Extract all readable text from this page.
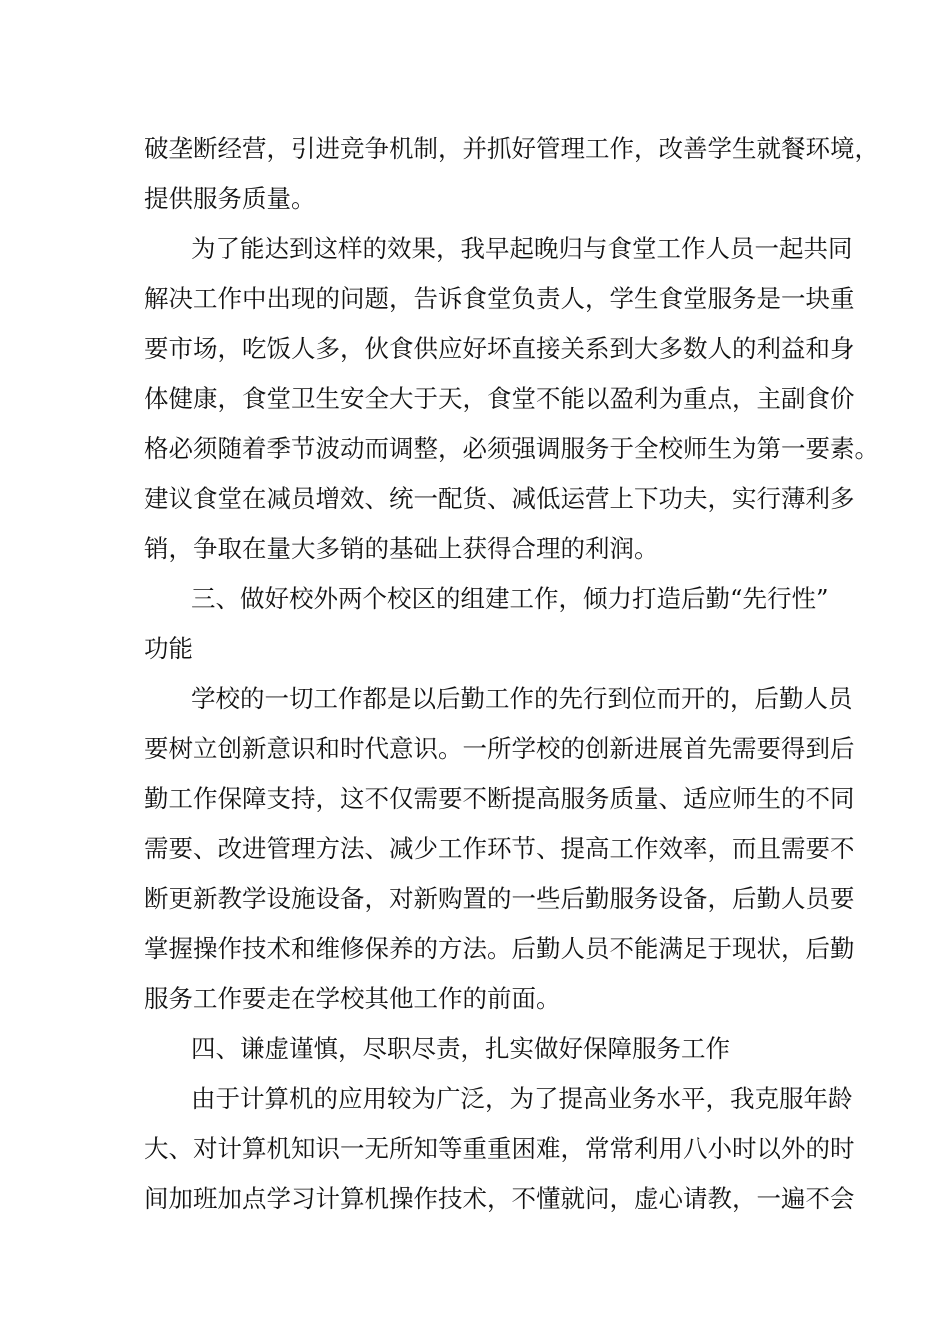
破垄断经营，引进竞争机制，并抓好管理工作，改善学生就餐环境，
提供服务质量。
为了能达到这样的效果，我早起晚归与食堂工作人员一起共同
解决工作中出现的问题，告诉食堂负责人，学生食堂服务是一块重
要市场，吃饭人多，伙食供应好坏直接关系到大多数人的利益和身
体健康，食堂卫生安全大于天，食堂不能以盈利为重点，主副食价
格必须随着季节波动而调整，必须强调服务于全校师生为第一要素。
建议食堂在减员增效、统一配货、减低运营上下功夫，实行薄利多
销，争取在量大多销的基础上获得合理的利润。
三、做好校外两个校区的组建工作，倾力打造后勤“先行性”
功能
学校的一切工作都是以后勤工作的先行到位而开的，后勤人员
要树立创新意识和时代意识。一所学校的创新进展首先需要得到后
勤工作保障支持，这不仅需要不断提高服务质量、适应师生的不同
需要、改进管理方法、减少工作环节、提高工作效率，而且需要不
断更新教学设施设备，对新购置的一些后勤服务设备，后勤人员要
掌握操作技术和维修保养的方法。后勤人员不能满足于现状，后勤
服务工作要走在学校其他工作的前面。
四、谦虚谨慎，尽职尽责，扎实做好保障服务工作
由于计算机的应用较为广泛，为了提高业务水平，我克服年龄
大、对计算机知识一无所知等重重困难，常常利用八小时以外的时
间加班加点学习计算机操作技术，不懂就问，虚心请教，一遍不会
